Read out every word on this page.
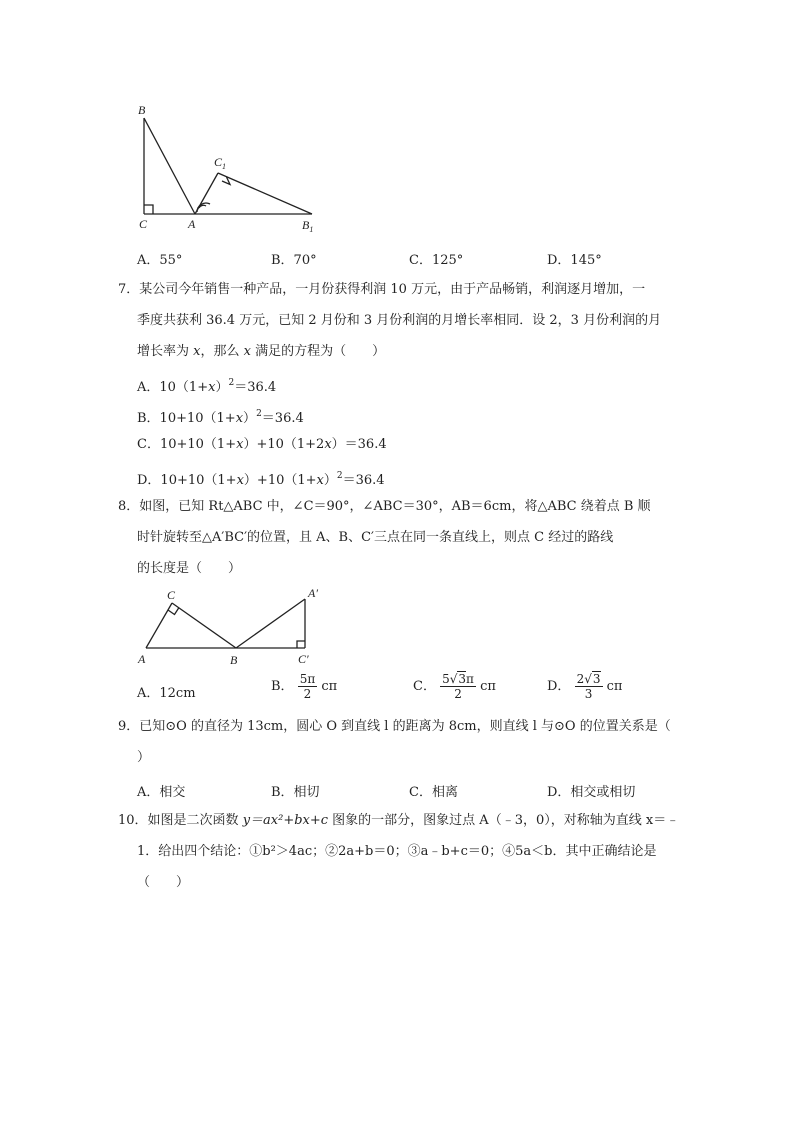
B
C	A
$C_1$
$B_1$
A．55°	B．70°	C．125°	D．145°
7．某公司今年销售一种产品，一月份获得利润 10 万元，由于产品畅销，利润逐月增加，一
季度共获利 36.4 万元，已知 2 月份和 3 月份利润的月增长率相同．设 2，3 月份利润的月
增长率为 x，那么 x 满足的方程为（　　）
A．$10(1+x)^2=36.4$
B．$10+10(1+x)^2=36.4$
C．10+10（1+x）+10（1+2x）＝36.4
D．$10+10(1+x)+10(1+x)^2=36.4$
8．如图，已知 Rt△ABC 中，∠C＝90°，∠ABC＝30°，AB＝6cm，将△ABC 绕着点 B 顺
时针旋转至△A′BC′的位置，且 A、B、C′三点在同一条直线上，则点 C 经过的路线
的长度是（　　）
C
A	B
A′
C′
A．12cm	B． $\frac{5\pi}{2}$ cπ	C． $\frac{5√3\pi}{2}$ cπ	D． $\frac{2√3}{3}$ cπ
9．已知⊙O 的直径为 13cm，圆心 O 到直线 l 的距离为 8cm，则直线 l 与⊙O 的位置关系是（
）
A．相交	B．相切	C．相离	D．相交或相切
10．如图是二次函数 y＝ax²+bx+c 图象的一部分，图象过点 A（﹣3，0），对称轴为直线 x＝﹣
1．给出四个结论：①b²＞4ac；②2a+b＝0；③a﹣b+c＝0；④5a＜b．其中正确结论是
（　　）
